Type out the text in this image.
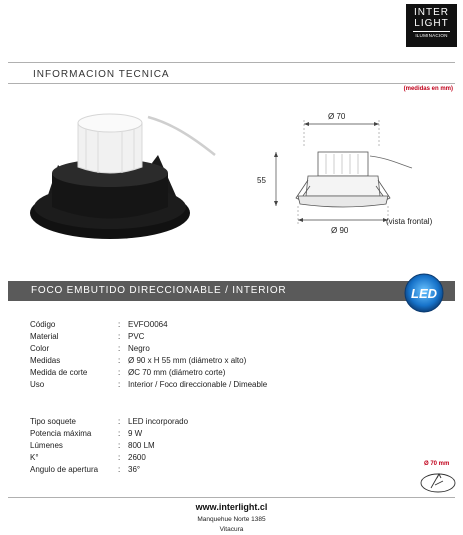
INTER
LIGHT
ILUMINACION
INFORMACION TECNICA
(medidas en mm)
Ø 70
55
Ø 90
(vista frontal)
FOCO EMBUTIDO DIRECCIONABLE / INTERIOR	LED
Código	: EVFO0064
Material	: PVC
Color	: Negro
Medidas	: Ø 90 x H 55 mm (diámetro x alto)
Medida de corte	: ØC 70 mm (diámetro corte)
Uso	: Interior / Foco direccionable / Dimeable
Tipo soquete	: LED incorporado
Potencia máxima	: 9 W
Lúmenes	: 800 LM
K°	: 2600
Angulo de apertura : 36°
Ø 70 mm
www.interlight.cl
Manquehue Norte 1385
Vitacura
